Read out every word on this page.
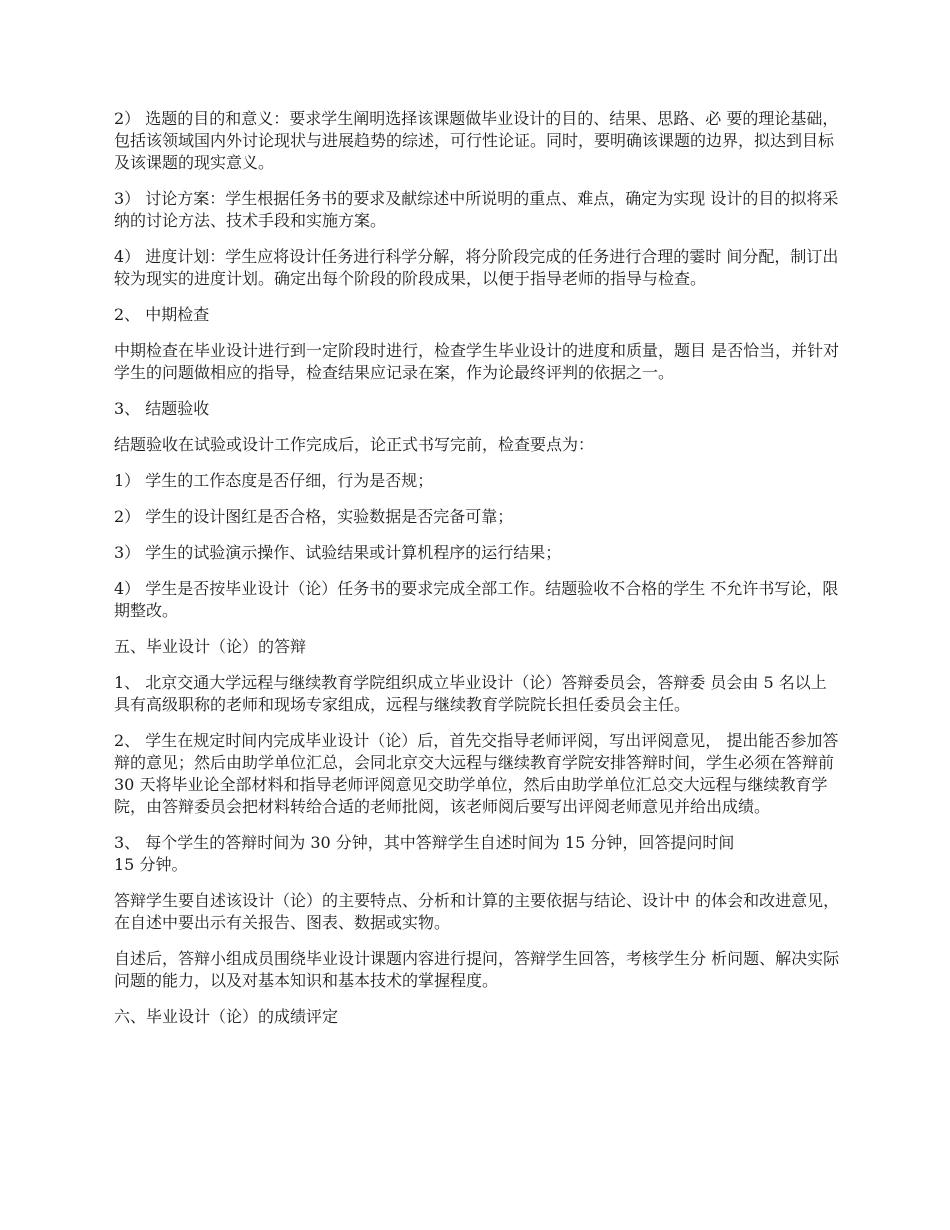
2） 选题的目的和意义：要求学生阐明选择该课题做毕业设计的目的、结果、思路、必 要的理论基础，包括该领域国内外讨论现状与进展趋势的综述，可行性论证。同时，要明确该课题的边界，拟达到目标及该课题的现实意义。

3） 讨论方案：学生根据任务书的要求及献综述中所说明的重点、难点，确定为实现 设计的目的拟将采纳的讨论方法、技术手段和实施方案。

4） 进度计划：学生应将设计任务进行科学分解，将分阶段完成的任务进行合理的霎时 间分配，制订出较为现实的进度计划。确定出每个阶段的阶段成果，以便于指导老师的指导与检查。

2、 中期检查

中期检查在毕业设计进行到一定阶段时进行，检查学生毕业设计的进度和质量，题目 是否恰当，并针对学生的问题做相应的指导，检查结果应记录在案，作为论最终评判的依据之一。

3、 结题验收

结题验收在试验或设计工作完成后，论正式书写完前，检查要点为：

1） 学生的工作态度是否仔细，行为是否规；

2） 学生的设计图红是否合格，实验数据是否完备可靠；

3） 学生的试验演示操作、试验结果或计算机程序的运行结果；

4） 学生是否按毕业设计（论）任务书的要求完成全部工作。结题验收不合格的学生 不允许书写论，限期整改。

五、毕业设计（论）的答辩

1、 北京交通大学远程与继续教育学院组织成立毕业设计（论）答辩委员会，答辩委 员会由 5 名以上具有高级职称的老师和现场专家组成，远程与继续教育学院院长担任委员会主任。

2、 学生在规定时间内完成毕业设计（论）后，首先交指导老师评阅，写出评阅意见， 提出能否参加答辩的意见；然后由助学单位汇总，会同北京交大远程与继续教育学院安排答辩时间，学生必须在答辩前 30 天将毕业论全部材料和指导老师评阅意见交助学单位，然后由助学单位汇总交大远程与继续教育学院，由答辩委员会把材料转给合适的老师批阅，该老师阅后要写出评阅老师意见并给出成绩。

3、 每个学生的答辩时间为 30 分钟，其中答辩学生自述时间为 15 分钟，回答提问时间
15 分钟。

答辩学生要自述该设计（论）的主要特点、分析和计算的主要依据与结论、设计中 的体会和改进意见，在自述中要出示有关报告、图表、数据或实物。

自述后，答辩小组成员围绕毕业设计课题内容进行提问，答辩学生回答，考核学生分 析问题、解决实际问题的能力，以及对基本知识和基本技术的掌握程度。

六、毕业设计（论）的成绩评定
